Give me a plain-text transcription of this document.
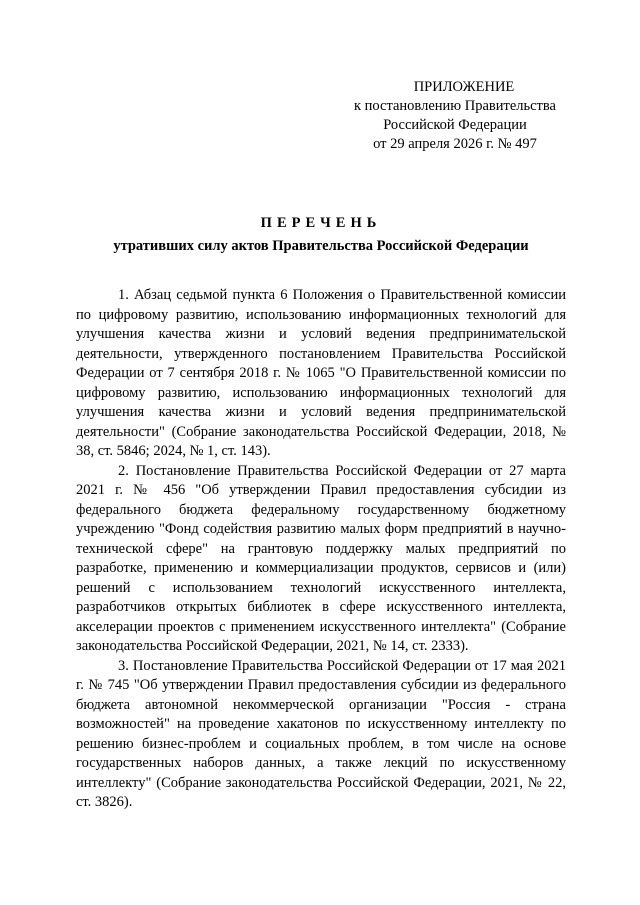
ПРИЛОЖЕНИЕ
к постановлению Правительства
Российской Федерации
от 29 апреля 2026 г. № 497
ПЕРЕЧЕНЬ
утративших силу актов Правительства Российской Федерации

1. Абзац седьмой пункта 6 Положения о Правительственной комиссии по цифровому развитию, использованию информационных технологий для улучшения качества жизни и условий ведения предпринимательской деятельности, утвержденного постановлением Правительства Российской Федерации от 7 сентября 2018 г. № 1065 "О Правительственной комиссии по цифровому развитию, использованию информационных технологий для улучшения качества жизни и условий ведения предпринимательской деятельности" (Собрание законодательства Российской Федерации, 2018, № 38, ст. 5846; 2024, № 1, ст. 143).

2. Постановление Правительства Российской Федерации от 27 марта 2021 г. № 456 "Об утверждении Правил предоставления субсидии из федерального бюджета федеральному государственному бюджетному учреждению "Фонд содействия развитию малых форм предприятий в научно-технической сфере" на грантовую поддержку малых предприятий по разработке, применению и коммерциализации продуктов, сервисов и (или) решений с использованием технологий искусственного интеллекта, разработчиков открытых библиотек в сфере искусственного интеллекта, акселерации проектов с применением искусственного интеллекта" (Собрание законодательства Российской Федерации, 2021, № 14, ст. 2333).

3. Постановление Правительства Российской Федерации от 17 мая 2021 г. № 745 "Об утверждении Правил предоставления субсидии из федерального бюджета автономной некоммерческой организации "Россия - страна возможностей" на проведение хакатонов по искусственному интеллекту по решению бизнес-проблем и социальных проблем, в том числе на основе государственных наборов данных, а также лекций по искусственному интеллекту" (Собрание законодательства Российской Федерации, 2021, № 22, ст. 3826).
